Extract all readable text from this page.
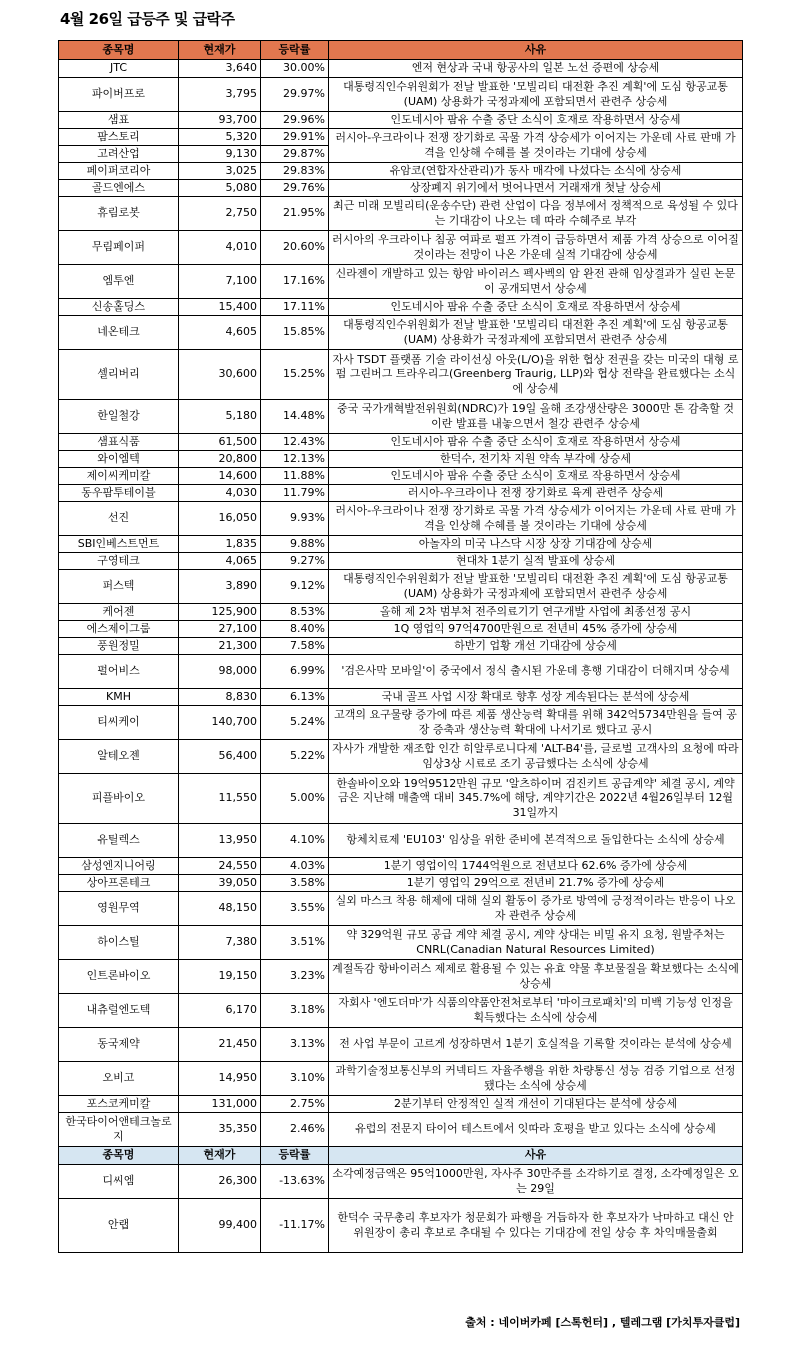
4월 26일 급등주 및 급락주
종목명	현재가	등락률	사유
JTC	3,640	30.00%	엔저 현상과 국내 항공사의 일본 노선 증편에 상승세
파이버프로	3,795	29.97%	대통령직인수위원회가 전날 발표한 '모빌리티 대전환 추진 계획'에 도심 항공교통(UAM) 상용화가 국정과제에 포함되면서 관련주 상승세
샘표	93,700	29.96%	인도네시아 팜유 수출 중단 소식이 호재로 작용하면서 상승세
팜스토리	5,320	29.91%	러시아-우크라이나 전쟁 장기화로 곡물 가격 상승세가 이어지는 가운데 사료 판매 가격을 인상해 수혜를 볼 것이라는 기대에 상승세
고려산업	9,130	29.87%	
페이퍼코리아	3,025	29.83%	유암코(연합자산관리)가 동사 매각에 나섰다는 소식에 상승세
골드엔에스	5,080	29.76%	상장폐지 위기에서 벗어나면서 거래재개 첫날 상승세
휴림로봇	2,750	21.95%	최근 미래 모빌리티(운송수단) 관련 산업이 다음 정부에서 정책적으로 육성될 수 있다는 기대감이 나오는 데 따라 수혜주로 부각
무림페이퍼	4,010	20.60%	러시아의 우크라이나 침공 여파로 펄프 가격이 급등하면서 제품 가격 상승으로 이어질 것이라는 전망이 나온 가운데 실적 기대감에 상승세
엠투엔	7,100	17.16%	신라젠이 개발하고 있는 항암 바이러스 펙사벡의 암 완전 관해 임상결과가 실린 논문이 공개되면서 상승세
신송홀딩스	15,400	17.11%	인도네시아 팜유 수출 중단 소식이 호재로 작용하면서 상승세
네온테크	4,605	15.85%	대통령직인수위원회가 전날 발표한 '모빌리티 대전환 추진 계획'에 도심 항공교통(UAM) 상용화가 국정과제에 포함되면서 관련주 상승세
셀리버리	30,600	15.25%	자사 TSDT 플랫폼 기술 라이선싱 아웃(L/O)을 위한 협상 전권을 갖는 미국의 대형 로펌 그린버그 트라우리그(Greenberg Traurig, LLP)와 협상 전략을 완료했다는 소식에 상승세
한일철강	5,180	14.48%	중국 국가개혁발전위원회(NDRC)가 19일 올해 조강생산량은 3000만 톤 감축할 것이란 발표를 내놓으면서 철강 관련주 상승세
샘표식품	61,500	12.43%	인도네시아 팜유 수출 중단 소식이 호재로 작용하면서 상승세
와이엠텍	20,800	12.13%	한덕수, 전기차 지원 약속 부각에 상승세
제이씨케미칼	14,600	11.88%	인도네시아 팜유 수출 중단 소식이 호재로 작용하면서 상승세
동우팜투테이블	4,030	11.79%	러시아-우크라이나 전쟁 장기화로 육계 관련주 상승세
선진	16,050	9.93%	러시아-우크라이나 전쟁 장기화로 곡물 가격 상승세가 이어지는 가운데 사료 판매 가격을 인상해 수혜를 볼 것이라는 기대에 상승세
SBI인베스트먼트	1,835	9.88%	아놀자의 미국 나스닥 시장 상장 기대감에 상승세
구영테크	4,065	9.27%	현대차 1분기 실적 발표에 상승세
퍼스텍	3,890	9.12%	대통령직인수위원회가 전날 발표한 '모빌리티 대전환 추진 계획'에 도심 항공교통(UAM) 상용화가 국정과제에 포함되면서 관련주 상승세
케어젠	125,900	8.53%	올해 제 2차 범부처 전주의료기기 연구개발 사업에 최종선정 공시
에스제이그룹	27,100	8.40%	1Q 영업익 97억4700만원으로 전년비 45% 증가에 상승세
풍원정밀	21,300	7.58%	하반기 업황 개선 기대감에 상승세
펄어비스	98,000	6.99%	'검은사막 모바일'이 중국에서 정식 출시된 가운데 흥행 기대감이 더해지며 상승세
KMH	8,830	6.13%	국내 골프 사업 시장 확대로 향후 성장 계속된다는 분석에 상승세
티씨케이	140,700	5.24%	고객의 요구물량 증가에 따른 제품 생산능력 확대를 위해 342억5734만원을 들여 공장 증축과 생산능력 확대에 나서기로 했다고 공시
알테오젠	56,400	5.22%	자사가 개발한 재조합 인간 히알루로니다제 'ALT-B4'를, 글로벌 고객사의 요청에 따라 임상3상 시료로 조기 공급했다는 소식에 상승세
피플바이오	11,550	5.00%	한솔바이오와 19억9512만원 규모 '알츠하이머 검진키트 공급계약' 체결 공시, 계약금은 지난해 매출액 대비 345.7%에 해당, 계약기간은 2022년 4월26일부터 12월31일까지
유틸렉스	13,950	4.10%	항체치료제 'EU103' 임상을 위한 준비에 본격적으로 돌입한다는 소식에 상승세
삼성엔지니어링	24,550	4.03%	1분기 영업이익 1744억원으로 전년보다 62.6% 증가에 상승세
상아프론테크	39,050	3.58%	1분기 영업익 29억으로 전년비 21.7% 증가에 상승세
영원무역	48,150	3.55%	실외 마스크 착용 해제에 대해 실외 활동이 증가로 방역에 긍정적이라는 반응이 나오자 관련주 상승세
하이스틸	7,380	3.51%	약 329억원 규모 공급 계약 체결 공시, 계약 상대는 비밀 유지 요청, 원발주처는 CNRL(Canadian Natural Resources Limited)
인트론바이오	19,150	3.23%	계절독감 항바이러스 제제로 활용될 수 있는 유효 약물 후보물질을 확보했다는 소식에 상승세
내츄럴엔도텍	6,170	3.18%	자회사 '엔도더마'가 식품의약품안전처로부터 '마이크로패치'의 미백 기능성 인정을 획득했다는 소식에 상승세
동국제약	21,450	3.13%	전 사업 부문이 고르게 성장하면서 1분기 호실적을 기록할 것이라는 분석에 상승세
오비고	14,950	3.10%	과학기술정보통신부의 커넥티드 자율주행을 위한 차량통신 성능 검증 기업으로 선정됐다는 소식에 상승세
포스코케미칼	131,000	2.75%	2분기부터 안정적인 실적 개선이 기대된다는 분석에 상승세
한국타이어앤테크놀로지	35,350	2.46%	유럽의 전문지 타이어 테스트에서 잇따라 호평을 받고 있다는 소식에 상승세
종목명	현재가	등락률	사유
디씨엠	26,300	-13.63%	소각예정금액은 95억1000만원, 자사주 30만주를 소각하기로 결정, 소각예정일은 오는 29일
안랩	99,400	-11.17%	한덕수 국무총리 후보자가 청문회가 파행을 거듭하자 한 후보자가 낙마하고 대신 안 위원장이 총리 후보로 추대될 수 있다는 기대감에 전일 상승 후 차익매물출회
출처 : 네이버카페 [스톡헌터] , 텔레그램 [가치투자클럽]
